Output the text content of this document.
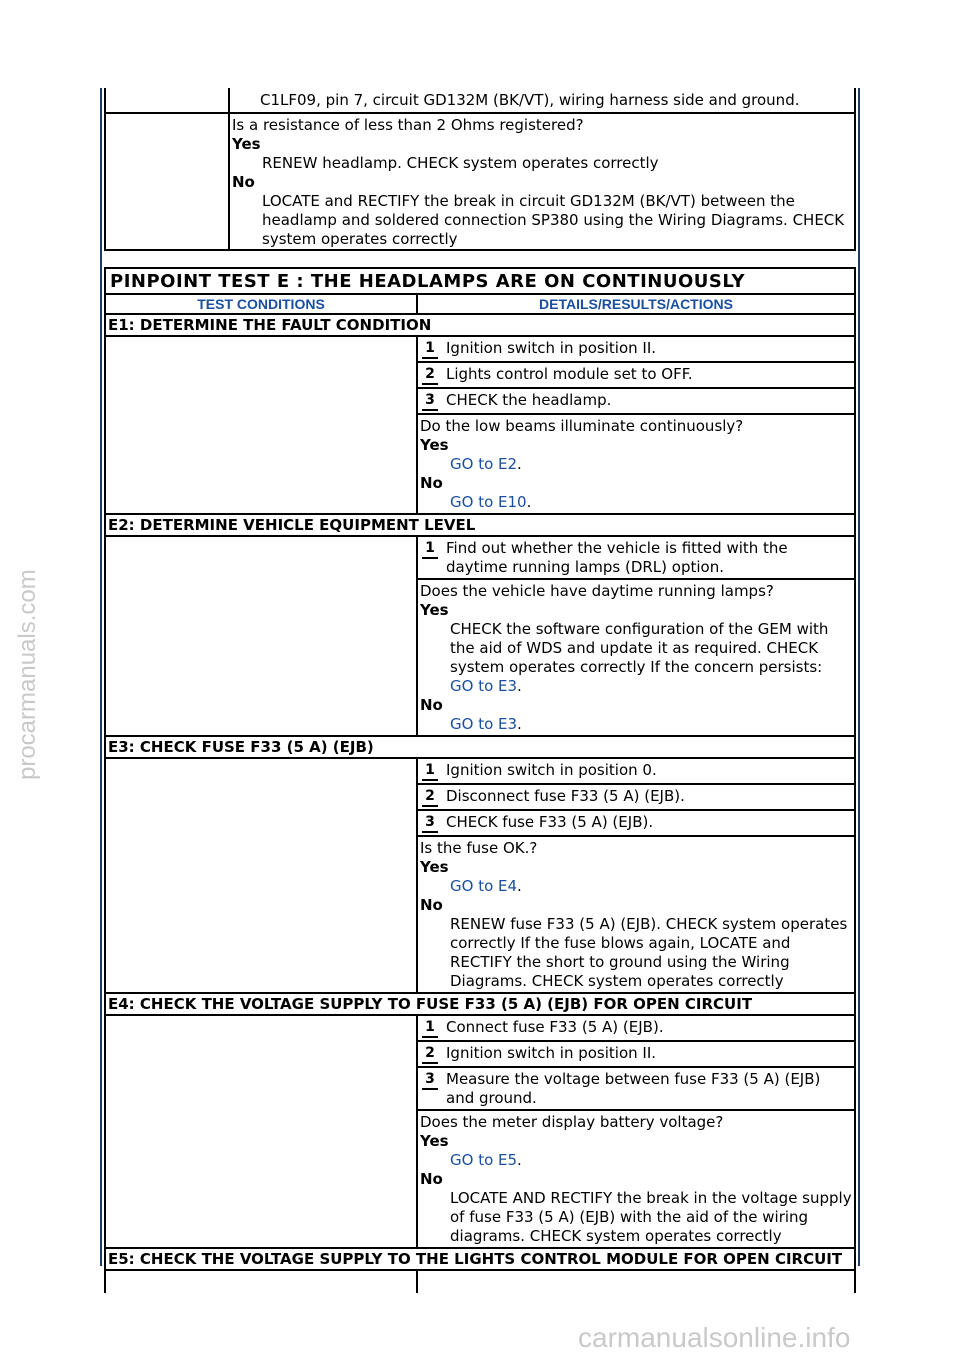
procarmanuals.com
carmanualsonline.info
	C1LF09, pin 7, circuit GD132M (BK/VT), wiring harness side and ground.

	Is a resistance of less than 2 Ohms registered?
Yes
RENEW headlamp. CHECK system operates correctly
No
LOCATE and RECTIFY the break in circuit GD132M (BK/VT) between the headlamp and soldered connection SP380 using the Wiring Diagrams. CHECK system operates correctly
PINPOINT TEST E : THE HEADLAMPS ARE ON CONTINUOUSLY
TEST CONDITIONS	DETAILS/RESULTS/ACTIONS
E1: DETERMINE THE FAULT CONDITION
1 Ignition switch in position II.
2 Lights control module set to OFF.
3 CHECK the headlamp.
Do the low beams illuminate continuously?
Yes
GO to E2.
No
GO to E10.
E2: DETERMINE VEHICLE EQUIPMENT LEVEL
1 Find out whether the vehicle is fitted with the daytime running lamps (DRL) option.
Does the vehicle have daytime running lamps?
Yes
CHECK the software configuration of the GEM with the aid of WDS and update it as required. CHECK system operates correctly If the concern persists:
GO to E3.
No
GO to E3.
E3: CHECK FUSE F33 (5 A) (EJB)
1 Ignition switch in position 0.
2 Disconnect fuse F33 (5 A) (EJB).
3 CHECK fuse F33 (5 A) (EJB).
Is the fuse OK.?
Yes
GO to E4.
No
RENEW fuse F33 (5 A) (EJB). CHECK system operates correctly If the fuse blows again, LOCATE and RECTIFY the short to ground using the Wiring Diagrams. CHECK system operates correctly
E4: CHECK THE VOLTAGE SUPPLY TO FUSE F33 (5 A) (EJB) FOR OPEN CIRCUIT
1 Connect fuse F33 (5 A) (EJB).
2 Ignition switch in position II.
3 Measure the voltage between fuse F33 (5 A) (EJB) and ground.
Does the meter display battery voltage?
Yes
GO to E5.
No
LOCATE AND RECTIFY the break in the voltage supply of fuse F33 (5 A) (EJB) with the aid of the wiring diagrams. CHECK system operates correctly
E5: CHECK THE VOLTAGE SUPPLY TO THE LIGHTS CONTROL MODULE FOR OPEN CIRCUIT
